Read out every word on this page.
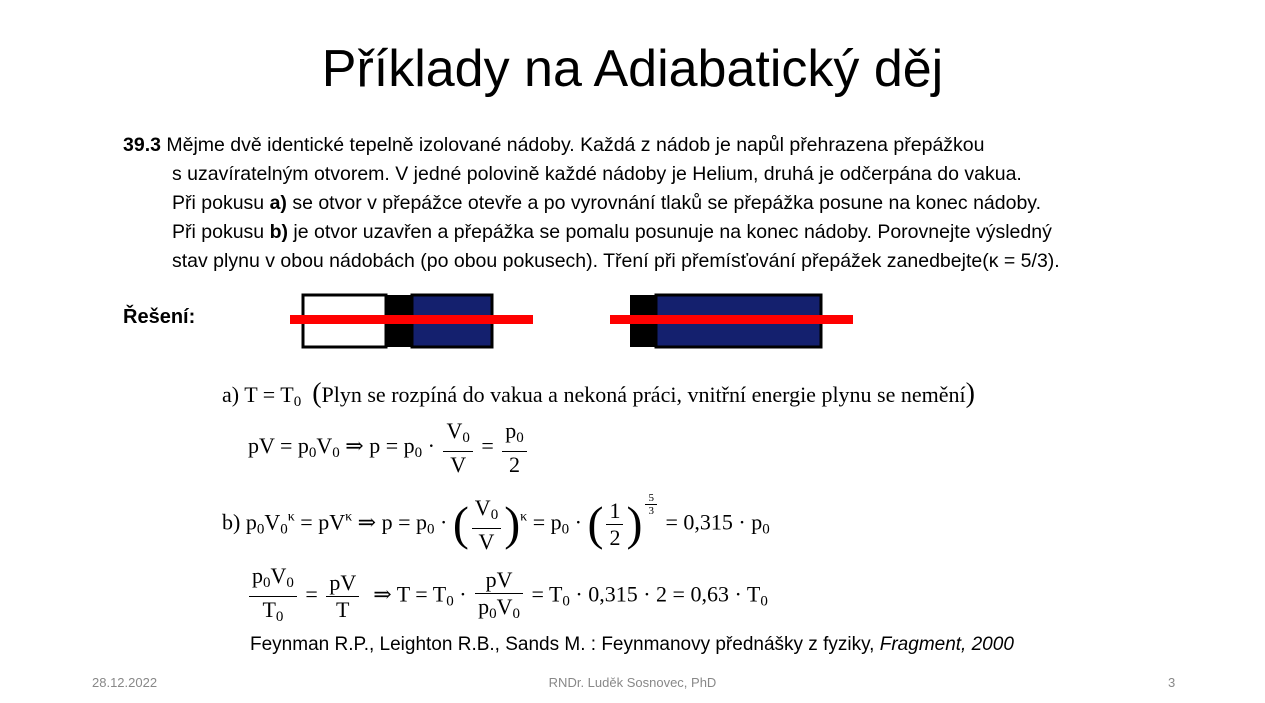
Příklady na Adiabatický děj
39.3 Mějme dvě identické tepelně izolované nádoby. Každá z nádob je napůl přehrazena přepážkou
s uzavíratelným otvorem. V jedné polovině každé nádoby je Helium, druhá je odčerpána do vakua.
Při pokusu a) se otvor v přepážce otevře a po vyrovnání tlaků se přepážka posune na konec nádoby.
Při pokusu b) je otvor uzavřen a přepážka se pomalu posunuje na konec nádoby. Porovnejte výsledný
stav plynu v obou nádobách (po obou pokusech). Tření při přemísťování přepážek zanedbejte(κ = 5/3).
Řešení:
a) $T = T_0$ (Plyn se rozpíná do vakua a nekoná práci, vnitřní energie plynu se nemění)
pV = $p_0V_0$ ⇒ $p = p_0 \cdot \frac{V_0}{V} = \frac{p_0}{2}$
b) $p_0V_0^\kappa = pV^\kappa$ ⇒ $p = p_0$ · ( $\frac{V_0}{V} )^\kappa = p_0$ · ( $\frac{1}{2}$ ) $^{\frac{5}{3}}$
= $0,315 \cdot p_0$
$\frac{p_0V_0}{T_0} = \frac{pV}{T}$ ⇒ $T = T_0 \cdot \frac{pV}{p_0V_0} = T_0 \cdot 0,315 \cdot 2 = 0,63 \cdot T_0$
Feynman R.P., Leighton R.B., Sands M. : Feynmanovy přednášky z fyziky, Fragment, 2000
28.12.2022	RNDr. Luděk Sosnovec, PhD	3
